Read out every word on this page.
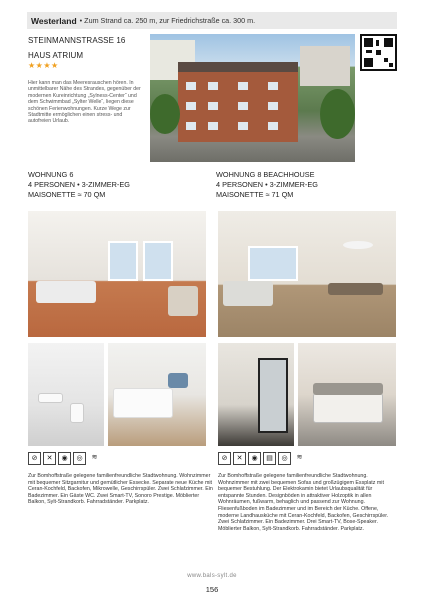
Westerland • Zum Strand ca. 250 m, zur Friedrichstraße ca. 300 m.
STEINMANNSTRASSE 16
HAUS ATRIUM
★★★★
Hier kann man das Meeresrauschen hören. In unmittelbarer Nähe des Strandes, gegenüber der modernen Kureinrichtung „Sylness-Center“ und dem Schwimmbad „Sylter Welle“, liegen diese schönen Ferienwohnungen. Kurze Wege zur Stadtmitte ermöglichen einen stress- und autofreien Urlaub.
WOHNUNG 6
4 PERSONEN • 3-ZIMMER-EG
MAISONETTE ≈ 70 QM
WOHNUNG 8 BEACHHOUSE
4 PERSONEN • 3-ZIMMER-EG
MAISONETTE ≈ 71 QM
⊘	✕	◉	◎	≋	⊘	✕	◉	▤	◎	≋
Zur Bomhoffstraße gelegene familienfreundliche Stadtwohnung. Wohnzimmer mit bequemer Sitzgarnitur und gemütlicher Essecke. Separate neue Küche mit Ceran-Kochfeld, Backofen, Mikrowelle, Geschirrspüler. Zwei Schlafzimmer. Ein Badezimmer. Ein Gäste WC. Zwei Smart-TV, Sonoro Prestige. Möblierter Balkon, Sylt-Strandkorb. Fahrradständer. Parkplatz.
Zur Bomhoffstraße gelegene familienfreundliche Stadtwohnung. Wohnzimmer mit zwei bequemen Sofas und großzügigem Essplatz mit bequemer Bestuhlung. Der Elektrokamin bietet Urlaubsqualität für entspannte Stunden. Designböden in attraktiver Holzoptik in allen Wohnräumen, fußwarm, behaglich und passend zur Wohnung. Fliesenfußboden im Badezimmer und im Bereich der Küche. Offene, moderne Landhausküche mit Ceran-Kochfeld, Backofen, Geschirrspüler. Zwei Schlafzimmer. Ein Badezimmer. Drei Smart-TV, Bose-Speaker. Möblierter Balkon, Sylt-Strandkorb. Fahrradständer. Parkplatz.
www.bals-sylt.de
156
